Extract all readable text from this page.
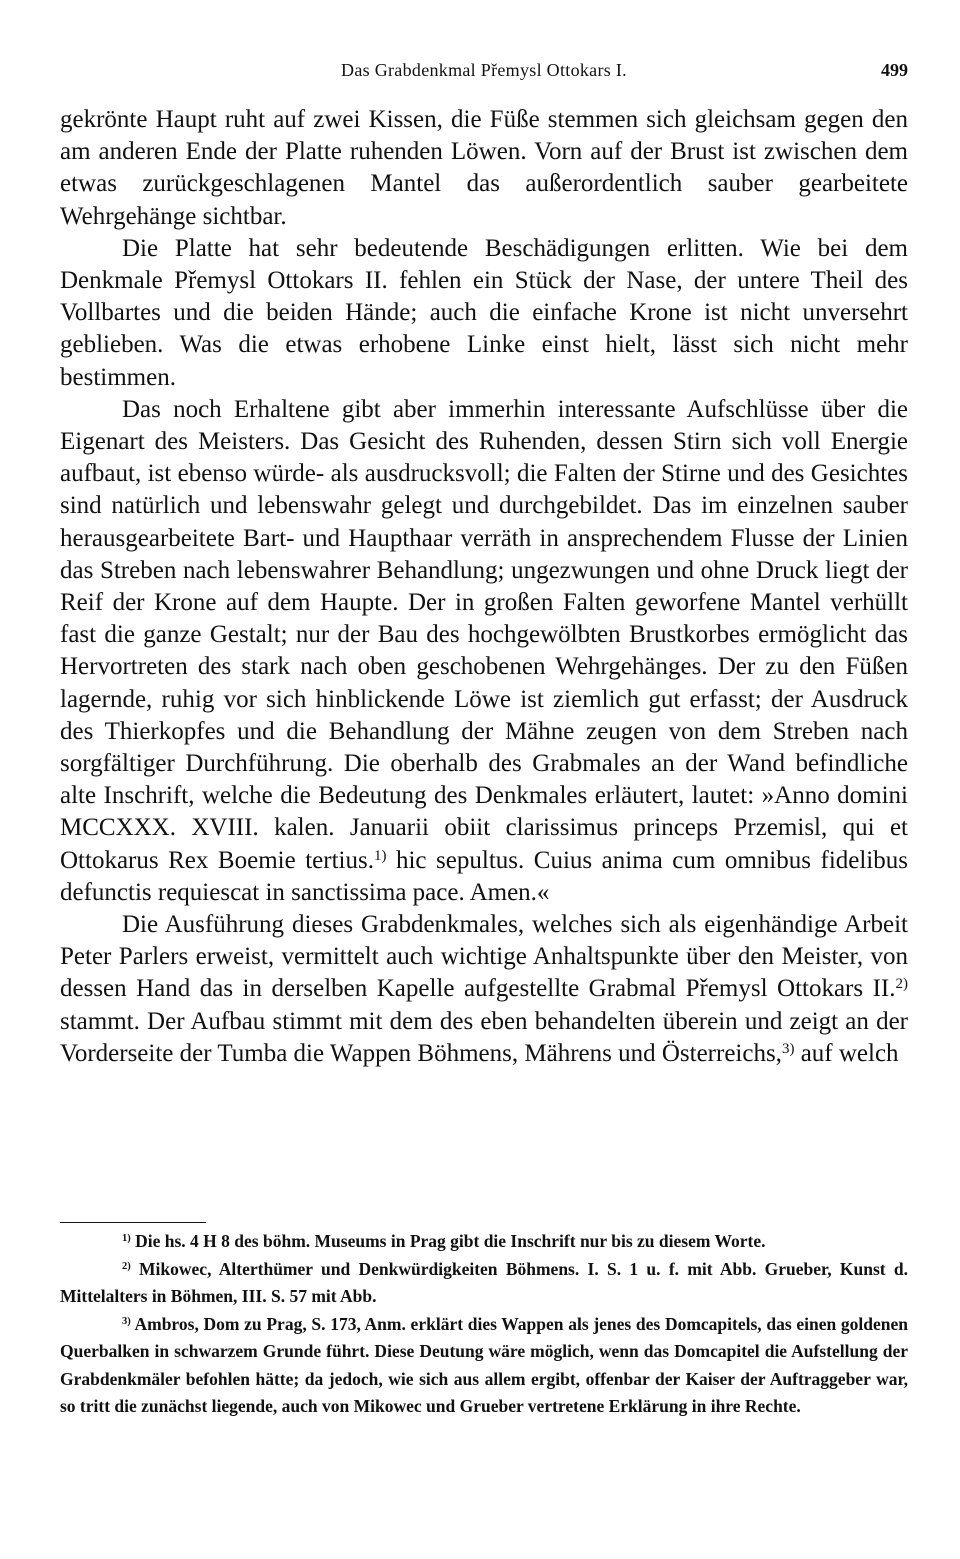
Das Grabdenkmal Přemysl Ottokars I.	499

gekrönte Haupt ruht auf zwei Kissen, die Füße stemmen sich gleichsam gegen den am anderen Ende der Platte ruhenden Löwen. Vorn auf der Brust ist zwischen dem etwas zurückgeschlagenen Mantel das außerordentlich sauber gearbeitete Wehrgehänge sichtbar.

Die Platte hat sehr bedeutende Beschädigungen erlitten. Wie bei dem Denkmale Přemysl Ottokars II. fehlen ein Stück der Nase, der untere Theil des Vollbartes und die beiden Hände; auch die einfache Krone ist nicht unversehrt geblieben. Was die etwas erhobene Linke einst hielt, lässt sich nicht mehr bestimmen.

Das noch Erhaltene gibt aber immerhin interessante Aufschlüsse über die Eigenart des Meisters. Das Gesicht des Ruhenden, dessen Stirn sich voll Energie aufbaut, ist ebenso würde- als ausdrucksvoll; die Falten der Stirne und des Gesichtes sind natürlich und lebenswahr gelegt und durchgebildet. Das im einzelnen sauber herausgearbeitete Bart- und Haupthaar verräth in ansprechendem Flusse der Linien das Streben nach lebenswahrer Behandlung; ungezwungen und ohne Druck liegt der Reif der Krone auf dem Haupte. Der in großen Falten geworfene Mantel verhüllt fast die ganze Gestalt; nur der Bau des hochgewölbten Brustkorbes ermöglicht das Hervortreten des stark nach oben geschobenen Wehrgehänges. Der zu den Füßen lagernde, ruhig vor sich hinblickende Löwe ist ziemlich gut erfasst; der Ausdruck des Thierkopfes und die Behandlung der Mähne zeugen von dem Streben nach sorgfältiger Durchführung. Die oberhalb des Grabmales an der Wand befindliche alte Inschrift, welche die Bedeutung des Denkmales erläutert, lautet: »Anno domini MCCXXX. XVIII. kalen. Januarii obiit clarissimus princeps Przemisl, qui et Ottokarus Rex Boemie tertius.$^{1)}$ hic sepultus. Cuius anima cum omnibus fidelibus defunctis requiescat in sanctissima pace. Amen.«

Die Ausführung dieses Grabdenkmales, welches sich als eigenhändige Arbeit Peter Parlers erweist, vermittelt auch wichtige Anhaltspunkte über den Meister, von dessen Hand das in derselben Kapelle aufgestellte Grabmal Přemysl Ottokars II.$^{2)}$ stammt. Der Aufbau stimmt mit dem des eben behandelten überein und zeigt an der Vorderseite der Tumba die Wappen Böhmens, Mährens und Österreichs,$^{3)}$ auf welch

$^{1)}$ Die hs. 4 H 8 des böhm. Museums in Prag gibt die Inschrift nur bis zu diesem Worte.

$^{2)}$ Mikowec, Alterthümer und Denkwürdigkeiten Böhmens. I. S. 1 u. f. mit Abb. Grueber, Kunst d. Mittelalters in Böhmen, III. S. 57 mit Abb.

$^{3)}$ Ambros, Dom zu Prag, S. 173, Anm. erklärt dies Wappen als jenes des Domcapitels, das einen goldenen Querbalken in schwarzem Grunde führt. Diese Deutung wäre möglich, wenn das Domcapitel die Aufstellung der Grabdenkmäler befohlen hätte; da jedoch, wie sich aus allem ergibt, offenbar der Kaiser der Auftraggeber war, so tritt die zunächst liegende, auch von Mikowec und Grueber vertretene Erklärung in ihre Rechte.
